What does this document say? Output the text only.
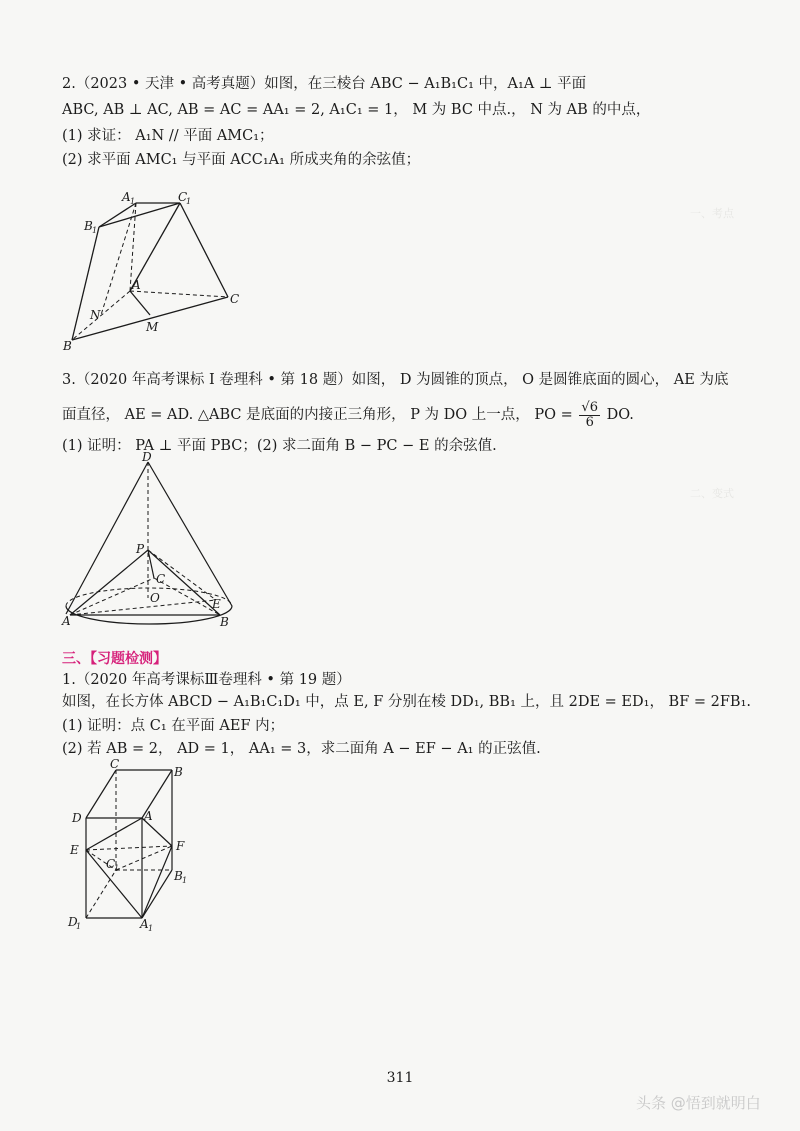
一、考点
二、变式
2.（2023 • 天津 • 高考真题）如图，在三棱台 ABC − A₁B₁C₁ 中，A₁A ⊥ 平面
ABC, AB ⊥ AC, AB = AC = AA₁ = 2, A₁C₁ = 1， M 为 BC 中点.， N 为 AB 的中点，
(1) 求证： A₁N // 平面 AMC₁；
(2) 求平面 AMC₁ 与平面 ACC₁A₁ 所成夹角的余弦值；
A 1	C
1
B 1
A
C
N
M
B
3.（2020 年高考课标 I 卷理科 • 第 18 题）如图， D 为圆锥的顶点， O 是圆锥底面的圆心， AE 为底
面直径， AE = AD. △ABC 是底面的内接正三角形， P 为 DO 上一点， PO = $\frac{√6}{6}$ DO.
(1) 证明： PA ⊥ 平面 PBC；(2) 求二面角 B − PC − E 的余弦值.
D
P
C
O	E
A	B
三、【习题检测】
1.（2020 年高考课标Ⅲ卷理科 • 第 19 题）
如图，在长方体 ABCD − A₁B₁C₁D₁ 中，点 E, F 分别在棱 DD₁, BB₁ 上，且 2DE = ED₁， BF = 2FB₁.
(1) 证明：点 C₁ 在平面 AEF 内；
(2) 若 AB = 2， AD = 1， AA₁ = 3，求二面角 A − EF − A₁ 的正弦值.
C
B
D	A
E	F
C
1
B 1
D
1	A 1
311
头条 @悟到就明白
